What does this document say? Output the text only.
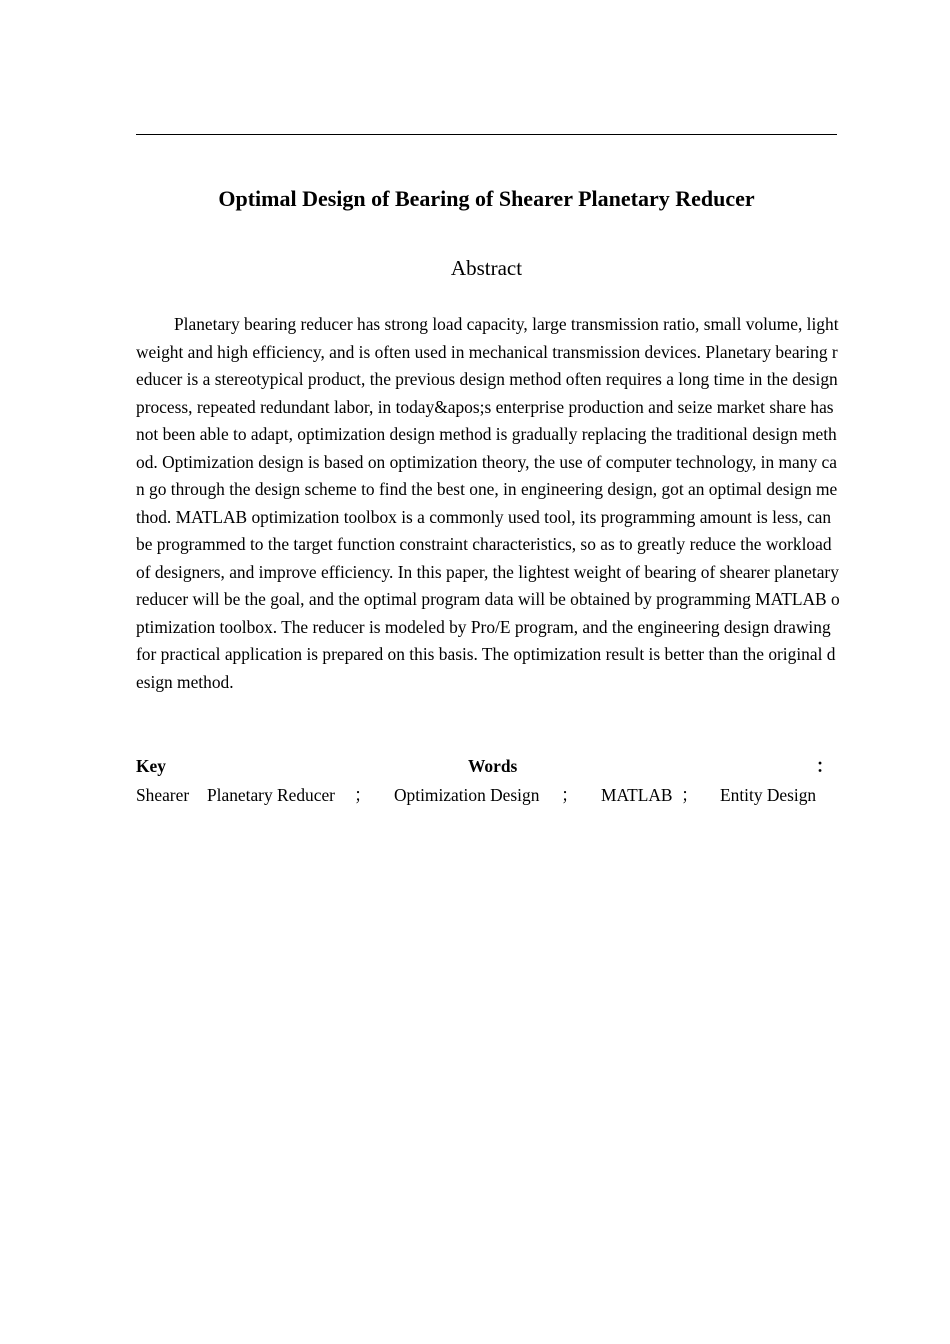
Optimal Design of Bearing of Shearer Planetary Reducer
Abstract

Planetary bearing reducer has strong load capacity, large transmission ratio, small volume, light weight and high efficiency, and is often used in mechanical transmission devices. Planetary bearing reducer is a stereotypical product, the previous design method often requires a long time in the design process, repeated redundant labor, in today&apos;s enterprise production and seize market share has not been able to adapt, optimization design method is gradually replacing the traditional design method. Optimization design is based on optimization theory, the use of computer technology, in many can go through the design scheme to find the best one, in engineering design, got an optimal design method. MATLAB optimization toolbox is a commonly used tool, its programming amount is less, can be programmed to the target function constraint characteristics, so as to greatly reduce the workload of designers, and improve efficiency. In this paper, the lightest weight of bearing of shearer planetary reducer will be the goal, and the optimal program data will be obtained by programming MATLAB optimization toolbox. The reducer is modeled by Pro/E program, and the engineering design drawing for practical application is prepared on this basis. The optimization result is better than the original design method.

Key	Words	：
Shearer Planetary Reducer ； Optimization Design ； MATLAB ； Entity Design
